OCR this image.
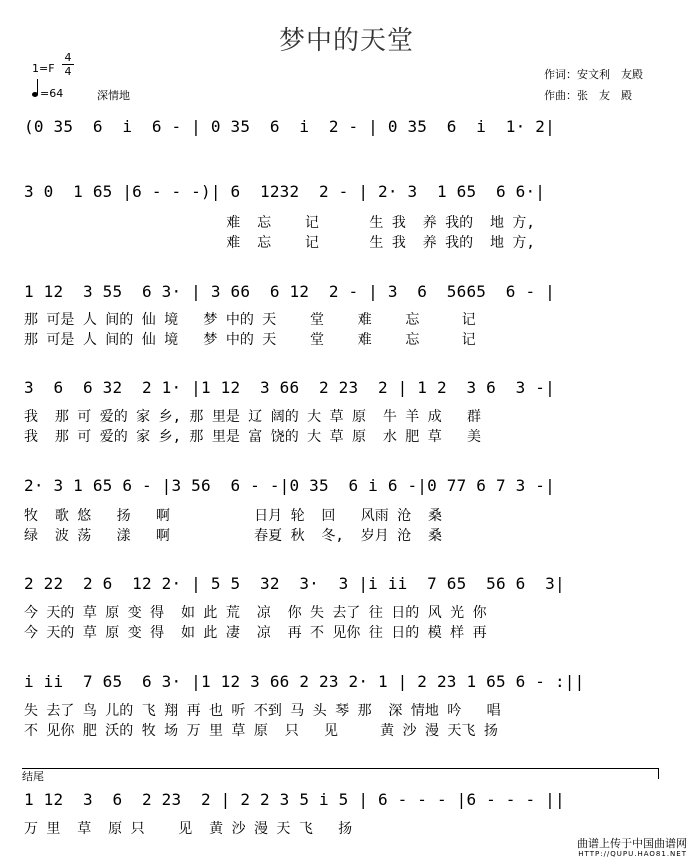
梦中的天堂
1=F
4
4
=64	深情地
作词：安文利　友殿
作曲：张　友　殿
(0 35  6  i  6 - | 0 35  6  i  2 - | 0 35  6  i  1· 2|
3 0  1 65 |6 - - -)| 6  1232  2 - | 2· 3  1 65  6 6·|
难  忘    记      生 我  养 我的  地 方,
难  忘    记      生 我  养 我的  地 方,
1 12  3 55  6 3· | 3 66  6 12  2 - | 3  6  5665  6 - |
那 可是 人 间的 仙 境   梦 中的 天    堂    难    忘     记
那 可是 人 间的 仙 境   梦 中的 天    堂    难    忘     记
3  6  6 32  2 1· |1 12  3 66  2 23  2 | 1 2  3 6  3 -|
我  那 可 爱的 家 乡, 那 里是 辽 阔的 大 草 原  牛 羊 成   群
我  那 可 爱的 家 乡, 那 里是 富 饶的 大 草 原  水 肥 草   美
2· 3 1 65 6 - |3 56  6 - -|0 35  6 i 6 -|0 77 6 7 3 -|
牧  歌 悠   扬   啊          日月 轮  回   风雨 沧  桑
绿  波 荡   漾   啊          春夏 秋  冬,  岁月 沧  桑
2 22  2 6  12 2· | 5 5  32  3·  3 |i ii  7 65  56 6  3|
今 天的 草 原 变 得  如 此 荒  凉  你 失 去了 往 日的 风 光 你
今 天的 草 原 变 得  如 此 凄  凉  再 不 见你 往 日的 模 样 再
i ii  7 65  6 3· |1 12 3 66 2 23 2· 1 | 2 23 1 65 6 - :||
失 去了 鸟 儿的 飞 翔 再 也 听 不到 马 头 琴 那  深 情地 吟   唱
不 见你 肥 沃的 牧 场 万 里 草 原  只   见     黄 沙 漫 天飞 扬
结尾
1 12  3  6  2 23  2 | 2 2 3 5 i 5 | 6 - - - |6 - - - ||
万 里  草  原 只    见  黄 沙 漫 天 飞   扬
曲谱上传于中国曲谱网
HTTP://QUPU.HAO81.NET
